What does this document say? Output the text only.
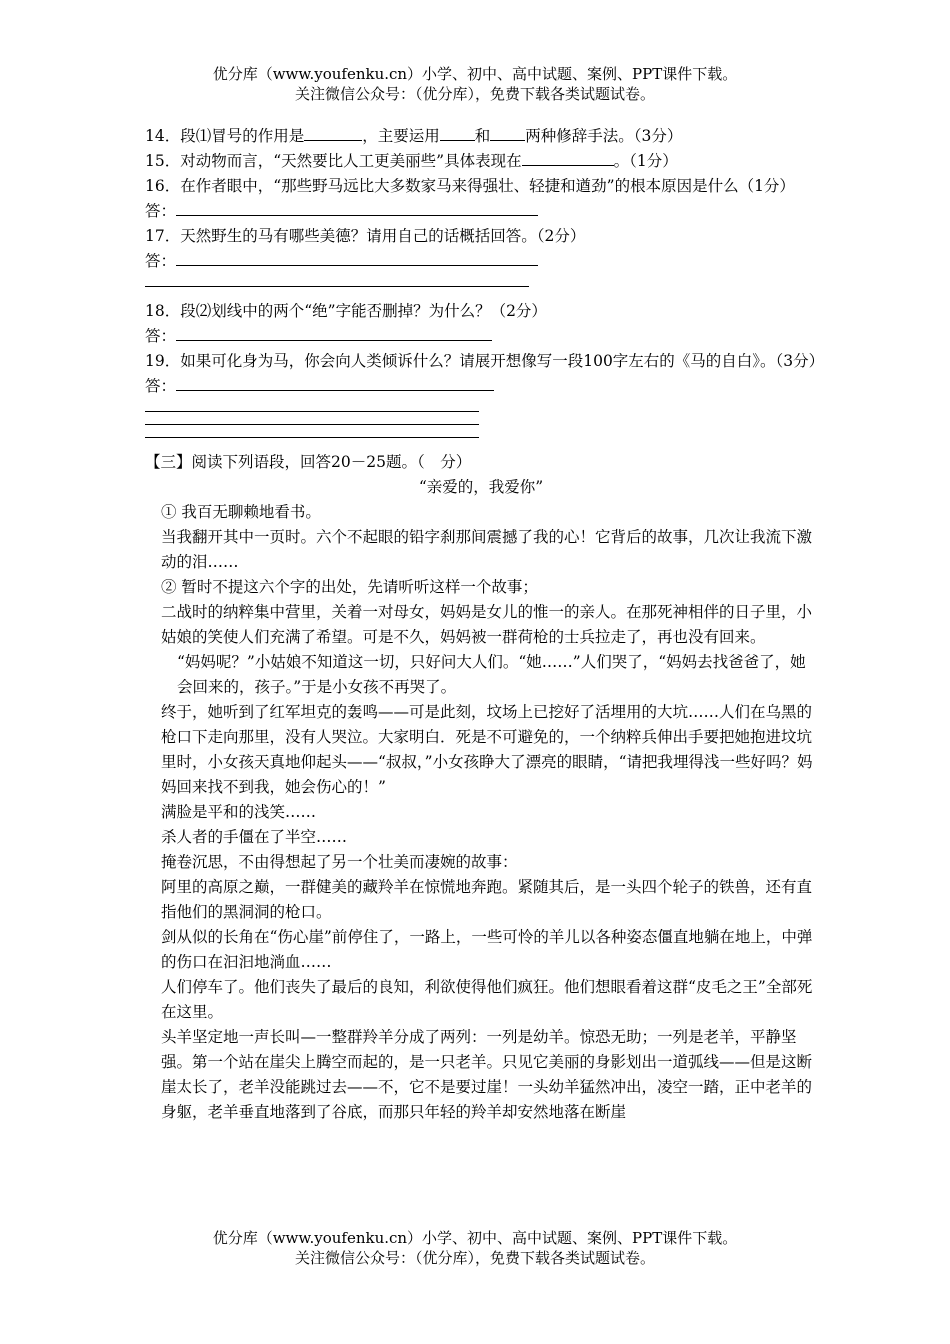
优分库（www.youfenku.cn）小学、初中、高中试题、案例、PPT课件下载。
关注微信公众号：（优分库），免费下载各类试题试卷。

14．段⑴冒号的作用是	，主要运用 和 两种修辞手法。（3分）

15．对动物而言，“天然要比人工更美丽些”具体表现在	。（1分）

16．在作者眼中，“那些野马远比大多数家马来得强壮、轻捷和遒劲”的根本原因是什么（1分）

答：

17．天然野生的马有哪些美德？请用自己的话概括回答。（2分）

答：

18．段⑵划线中的两个“绝”字能否删掉？为什么？（2分）

答：

19．如果可化身为马，你会向人类倾诉什么？请展开想像写一段100字左右的《马的自白》。（3分）

答：

【三】阅读下列语段，回答20－25题。（　分）

“亲爱的，我爱你”

① 我百无聊赖地看书。

当我翻开其中一页时。六个不起眼的铅字刹那间震撼了我的心！它背后的故事，几次让我流下激动的泪……

② 暂时不提这六个字的出处，先请听听这样一个故事；

二战时的纳粹集中营里，关着一对母女，妈妈是女儿的惟一的亲人。在那死神相伴的日子里，小姑娘的笑使人们充满了希望。可是不久，妈妈被一群荷枪的士兵拉走了，再也没有回来。

“妈妈呢？”小姑娘不知道这一切，只好问大人们。“她……”人们哭了，“妈妈去找爸爸了，她会回来的，孩子。”于是小女孩不再哭了。

终于，她听到了红军坦克的轰鸣——可是此刻，坟场上已挖好了活埋用的大坑……人们在乌黑的枪口下走向那里，没有人哭泣。大家明白．死是不可避免的，一个纳粹兵伸出手要把她抱进坟坑里时，小女孩天真地仰起头——“叔叔，”小女孩睁大了漂亮的眼睛，“请把我埋得浅一些好吗？妈妈回来找不到我，她会伤心的！”

满脸是平和的浅笑……

杀人者的手僵在了半空……

掩卷沉思，不由得想起了另一个壮美而凄婉的故事：

阿里的高原之巅，一群健美的藏羚羊在惊慌地奔跑。紧随其后，是一头四个轮子的铁兽，还有直指他们的黑洞洞的枪口。

剑从似的长角在“伤心崖”前停住了，一路上，一些可怜的羊儿以各种姿态僵直地躺在地上，中弹的伤口在汩汩地淌血……

人们停车了。他们丧失了最后的良知，利欲使得他们疯狂。他们想眼看着这群“皮毛之王”全部死在这里。

头羊坚定地一声长叫—一整群羚羊分成了两列：一列是幼羊。惊恐无助；一列是老羊，平静坚强。第一个站在崖尖上腾空而起的，是一只老羊。只见它美丽的身影划出一道弧线——但是这断崖太长了，老羊没能跳过去——不，它不是要过崖！一头幼羊猛然冲出，凌空一踏，正中老羊的身躯，老羊垂直地落到了谷底，而那只年轻的羚羊却安然地落在断崖

优分库（www.youfenku.cn）小学、初中、高中试题、案例、PPT课件下载。
关注微信公众号：（优分库），免费下载各类试题试卷。
